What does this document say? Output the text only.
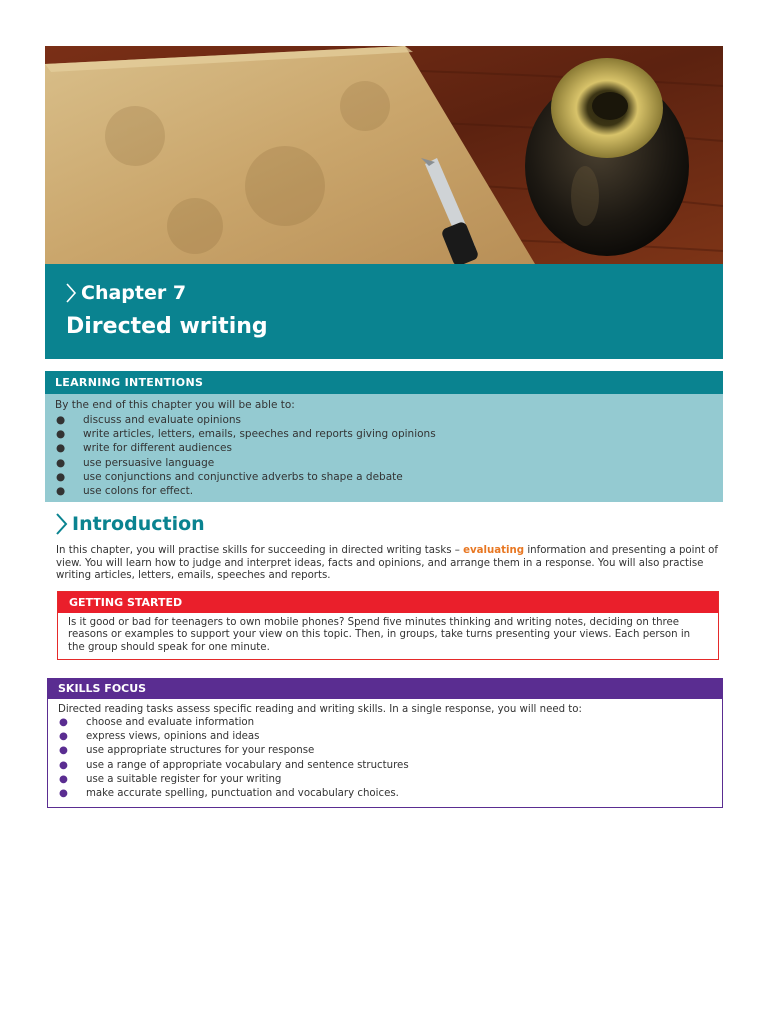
Chapter 7
Directed writing
LEARNING INTENTIONS

By the end of this chapter you will be able to:

● discuss and evaluate opinions
● write articles, letters, emails, speeches and reports giving opinions
● write for different audiences
● use persuasive language
● use conjunctions and conjunctive adverbs to shape a debate
● use colons for effect.
Introduction

In this chapter, you will practise skills for succeeding in directed writing tasks – evaluating information and presenting a point of view. You will learn how to judge and interpret ideas, facts and opinions, and arrange them in a response. You will also practise writing articles, letters, emails, speeches and reports.

GETTING STARTED
Is it good or bad for teenagers to own mobile phones? Spend five minutes thinking and writing notes, deciding on three reasons or examples to support your view on this topic. Then, in groups, take turns presenting your views. Each person in the group should speak for one minute.
SKILLS FOCUS

Directed reading tasks assess specific reading and writing skills. In a single response, you will need to:

● choose and evaluate information
● express views, opinions and ideas
● use appropriate structures for your response
● use a range of appropriate vocabulary and sentence structures
● use a suitable register for your writing
● make accurate spelling, punctuation and vocabulary choices.
